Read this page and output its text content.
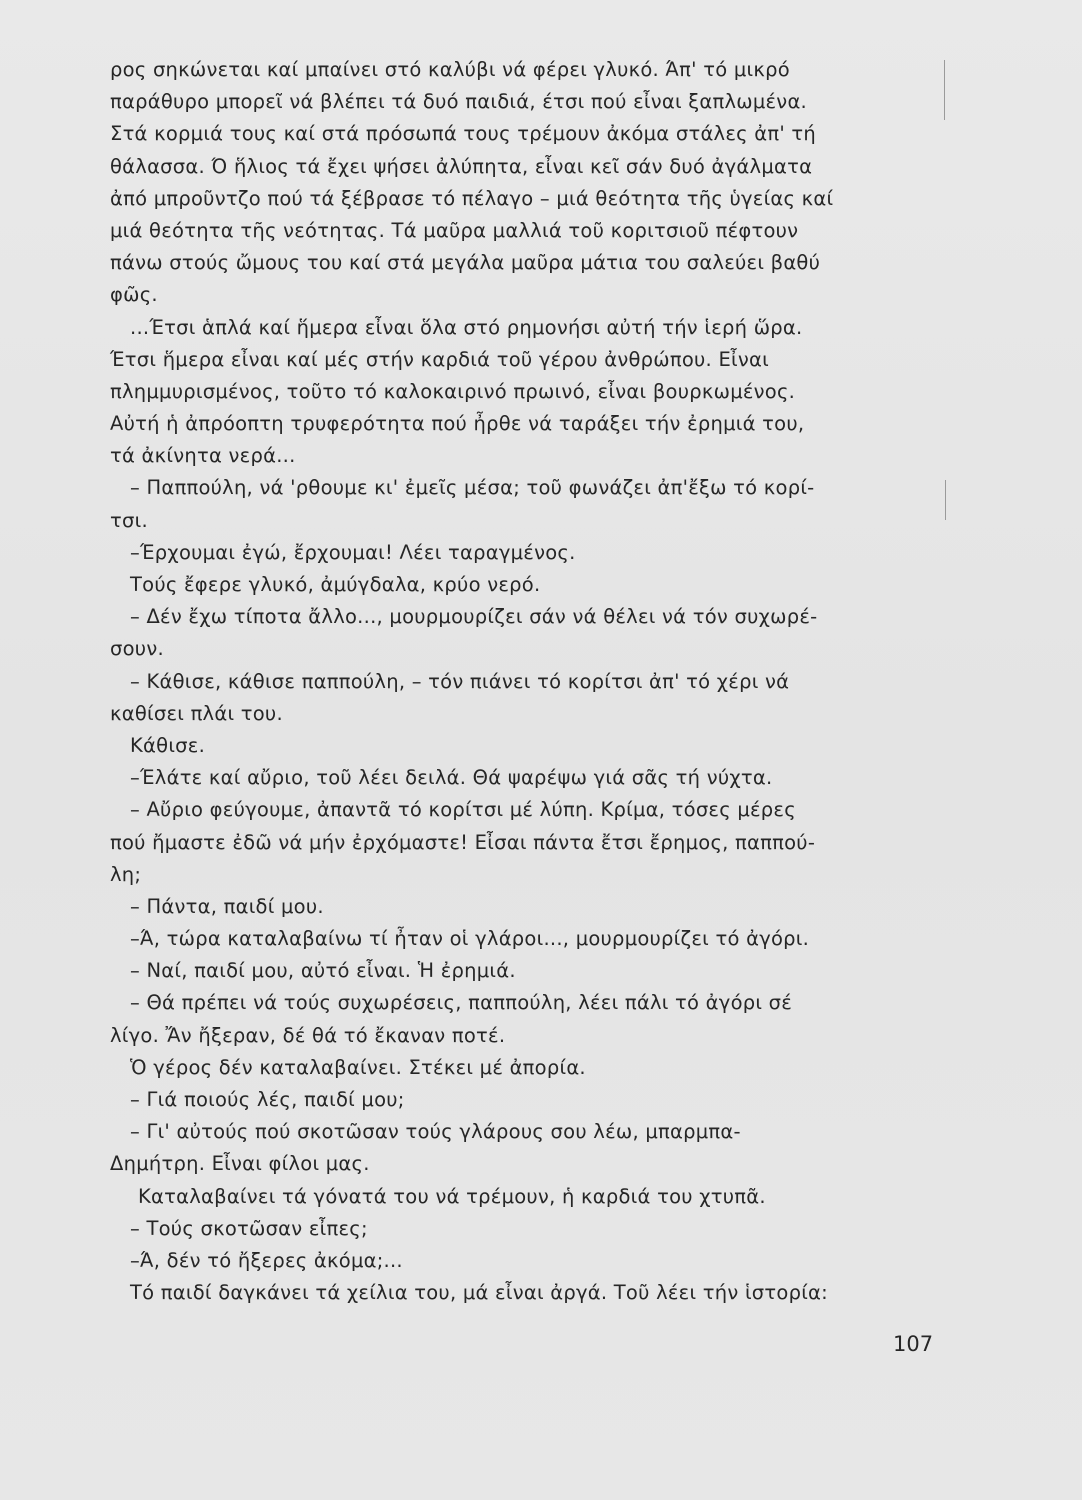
ρος σηκώνεται καί μπαίνει στό καλύβι νά φέρει γλυκό. Άπ' τό μικρό
παράθυρο μπορεῖ νά βλέπει τά δυό παιδιά, έτσι πού εἶναι ξαπλωμένα.
Στά κορμιά τους καί στά πρόσωπά τους τρέμουν ἀκόμα στάλες ἀπ' τή
θάλασσα. Ό ἥλιος τά ἔχει ψήσει ἀλύπητα, εἶναι κεῖ σάν δυό ἀγάλματα
ἀπό μπροῦντζο πού τά ξέβρασε τό πέλαγο – μιά θεότητα τῆς ὑγείας καί
μιά θεότητα τῆς νεότητας. Τά μαῦρα μαλλιά τοῦ κοριτσιοῦ πέφτουν
πάνω στούς ὤμους του καί στά μεγάλα μαῦρα μάτια του σαλεύει βαθύ
φῶς.
...Έτσι ἁπλά καί ἥμερα εἶναι ὅλα στό ρημονήσι αὐτή τήν ἱερή ὥρα.
Έτσι ἥμερα εἶναι καί μές στήν καρδιά τοῦ γέρου ἀνθρώπου. Εἶναι
πλημμυρισμένος, τοῦτο τό καλοκαιρινό πρωινό, εἶναι βουρκωμένος.
Αὐτή ἡ ἀπρόοπτη τρυφερότητα πού ἦρθε νά ταράξει τήν ἐρημιά του,
τά ἀκίνητα νερά...
– Παππούλη, νά 'ρθουμε κι' ἐμεῖς μέσα; τοῦ φωνάζει ἀπ'ἔξω τό κορί-
τσι.
–Έρχουμαι ἐγώ, ἔρχουμαι! Λέει ταραγμένος.
Τούς ἔφερε γλυκό, ἀμύγδαλα, κρύο νερό.
– Δέν ἔχω τίποτα ἄλλο..., μουρμουρίζει σάν νά θέλει νά τόν συχωρέ-
σουν.
– Κάθισε, κάθισε παππούλη, – τόν πιάνει τό κορίτσι ἀπ' τό χέρι νά
καθίσει πλάι του.
Κάθισε.
–Έλάτε καί αὔριο, τοῦ λέει δειλά. Θά ψαρέψω γιά σᾶς τή νύχτα.
– Αὔριο φεύγουμε, ἀπαντᾶ τό κορίτσι μέ λύπη. Κρίμα, τόσες μέρες
πού ἤμαστε ἐδῶ νά μήν ἐρχόμαστε! Εἶσαι πάντα ἔτσι ἔρημος, παππού-
λη;
– Πάντα, παιδί μου.
–Ά, τώρα καταλαβαίνω τί ἦταν οἱ γλάροι..., μουρμουρίζει τό ἀγόρι.
– Ναί, παιδί μου, αὐτό εἶναι. Ἡ ἐρημιά.
– Θά πρέπει νά τούς συχωρέσεις, παππούλη, λέει πάλι τό ἀγόρι σέ
λίγο. Ἄν ἤξεραν, δέ θά τό ἔκαναν ποτέ.
Ὁ γέρος δέν καταλαβαίνει. Στέκει μέ ἀπορία.
– Γιά ποιούς λές, παιδί μου;
– Γι' αὐτούς πού σκοτῶσαν τούς γλάρους σου λέω, μπαρμπα-
Δημήτρη. Εἶναι φίλοι μας.
Καταλαβαίνει τά γόνατά του νά τρέμουν, ἡ καρδιά του χτυπᾶ.
– Τούς σκοτῶσαν εἶπες;
–Ά, δέν τό ἤξερες ἀκόμα;...
Τό παιδί δαγκάνει τά χείλια του, μά εἶναι ἀργά. Τοῦ λέει τήν ἱστορία:
107
